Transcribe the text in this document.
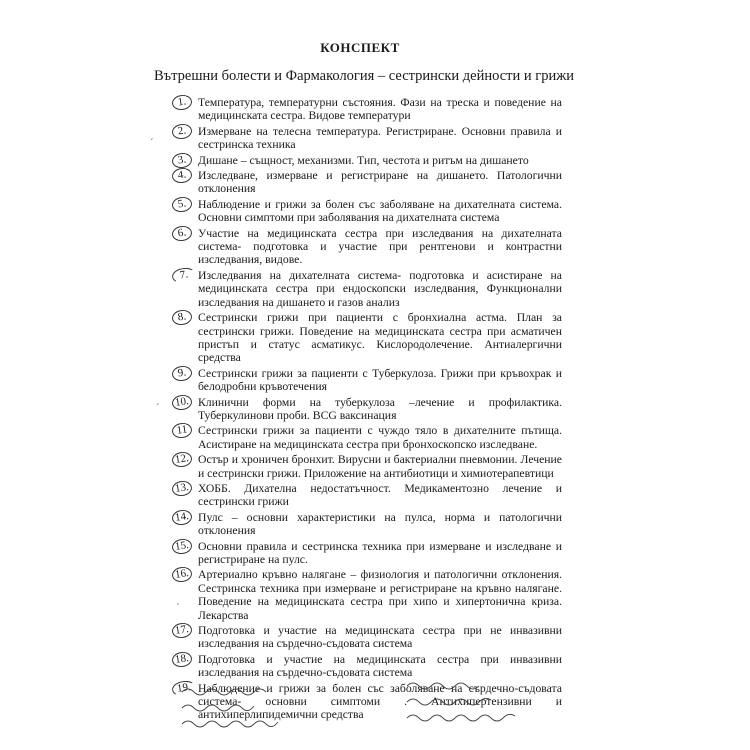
КОНСПЕКТ
Вътрешни болести и Фармакология – сестрински дейности и грижи
1. Температура, температурни състояния. Фази на треска и поведение на медицинската сестра. Видове температури
2. Измерване на телесна температура. Регистриране. Основни правила и сестринска техника
3. Дишане – същност, механизми. Тип, честота и ритъм на дишането
4. Изследване, измерване и регистриране на дишането. Патологични отклонения
5. Наблюдение и грижи за болен със заболяване на дихателната система. Основни симптоми при заболявания на дихателната система
6. Участие на медицинската сестра при изследвания на дихателната система- подготовка и участие при рентгенови и контрастни изследвания, видове.
7. Изследвания на дихателната система- подготовка и асистиране на медицинската сестра при ендоскопски изследвания, Функционални изследвания на дишането и газов анализ
8. Сестрински грижи при пациенти с бронхиална астма. План за сестрински грижи. Поведение на медицинската сестра при асматичен пристъп и статус асматикус. Кислородолечение. Антиалергични средства
9. Сестрински грижи за пациенти с Туберкулоза. Грижи при кръвохрак и белодробни кръвотечения
10. Клинични форми на туберкулоза –лечение и профилактика. Туберкулинови проби. BCG ваксинация
11 Сестрински грижи за пациенти с чуждо тяло в дихателните пътища. Асистиране на медицинската сестра при бронхоскопско изследване.
12. Остър и хроничен бронхит. Вирусни и бактериални пневмонии. Лечение и сестрински грижи. Приложение на антибиотици и химиотерапевтици
13. ХОББ. Дихателна недостатъчност. Медикаментозно лечение и сестрински грижи
14. Пулс – основни характеристики на пулса, норма и патологични отклонения
15. Основни правила и сестринска техника при измерване и изследване и регистриране на пулс.
16. Артериално кръвно налягане – физиология и патологични отклонения. Сестринска техника при измерване и регистриране на кръвно налягане. Поведение на медицинската сестра при хипо и хипертонична криза. Лекарства
17. Подготовка и участие на медицинската сестра при не инвазивни изследвания на сърдечно-съдовата система
18. Подготовка и участие на медицинската сестра при инвазивни изследвания на сърдечно-съдовата система
19. Наблюдение и грижи за болен със заболяване на сърдечно-съдовата система- основни симптоми . Антихипертензивни и антихиперлипидемични средства
ˏ
ˏ
ˏ
